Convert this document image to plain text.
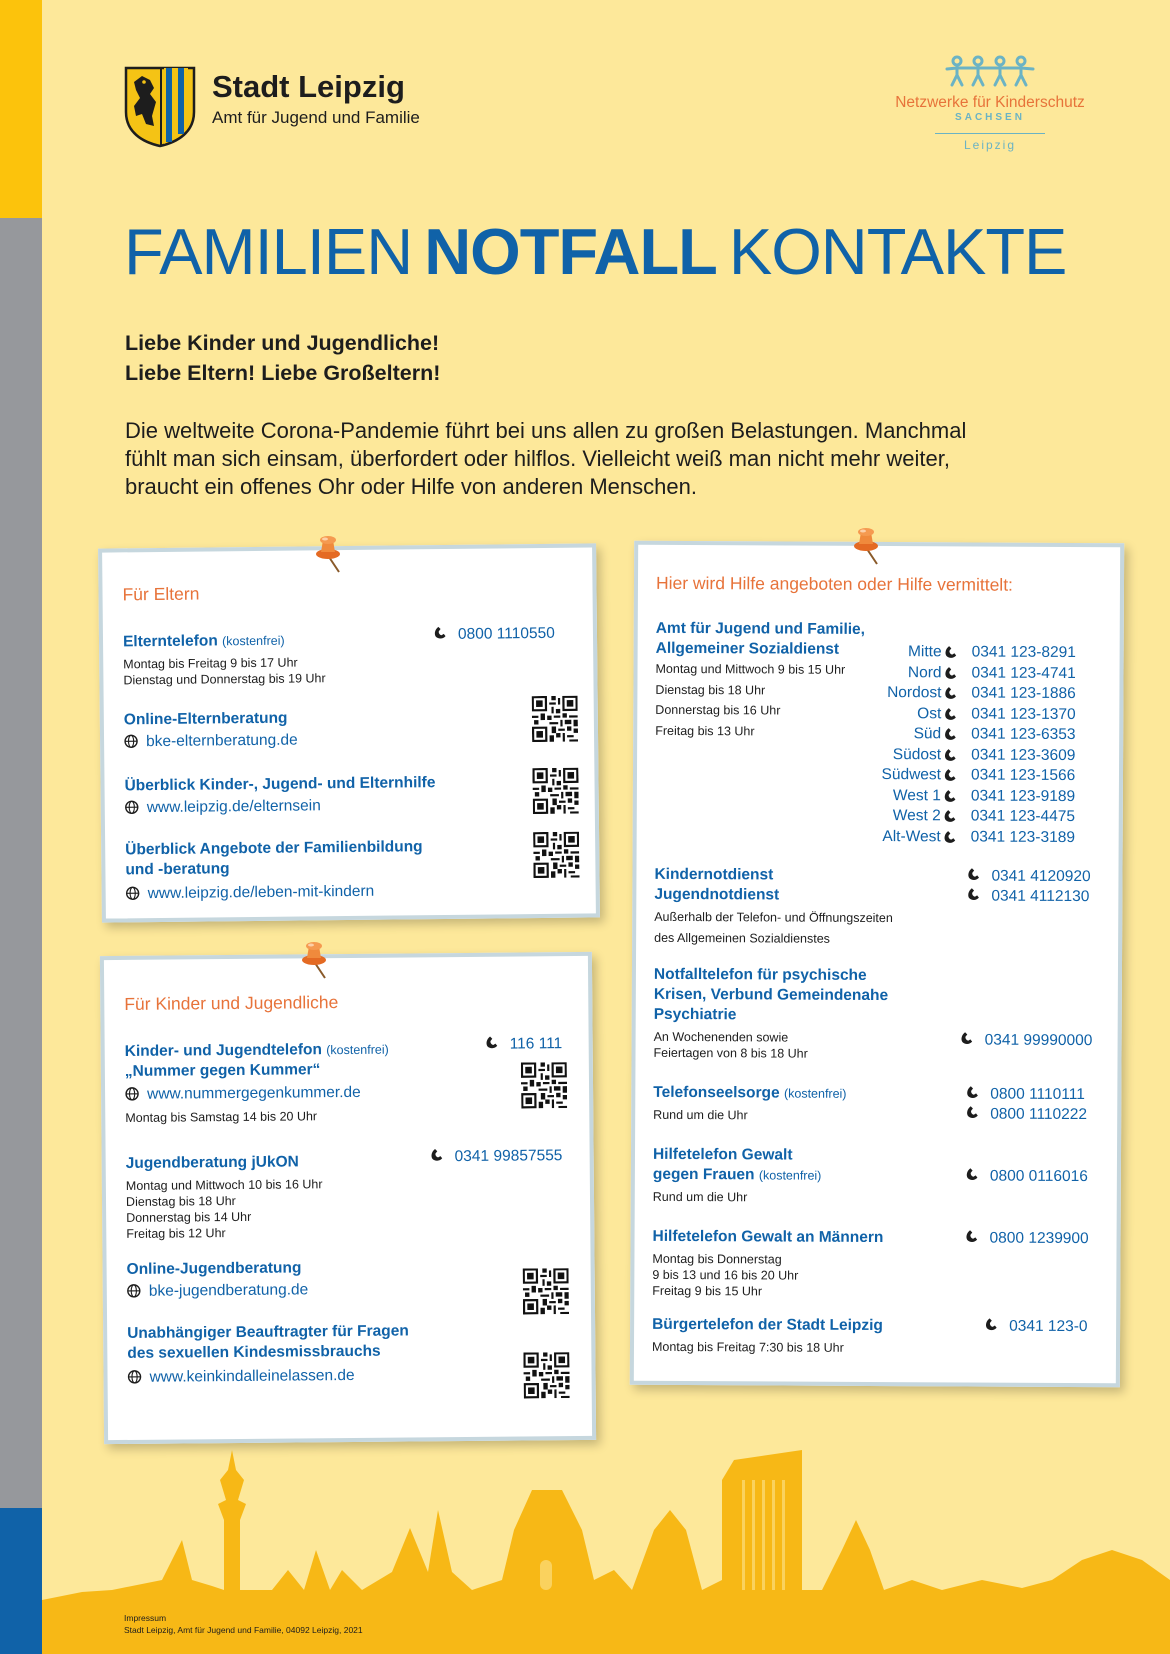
Stadt Leipzig
Amt für Jugend und Familie
Netzwerke für Kinderschutz
SACHSEN
Leipzig
FAMILIEN NOTFALL KONTAKTE
Liebe Kinder und Jugendliche!
Liebe Eltern! Liebe Großeltern!
Die weltweite Corona-Pandemie führt bei uns allen zu großen Belastungen. Manchmal
fühlt man sich einsam, überfordert oder hilflos. Vielleicht weiß man nicht mehr weiter,
braucht ein offenes Ohr oder Hilfe von anderen Menschen.
Für Eltern
Elterntelefon (kostenfrei)	0800 1110550
Montag bis Freitag 9 bis 17 Uhr
Dienstag und Donnerstag bis 19 Uhr
Online-Elternberatung
bke-elternberatung.de
Überblick Kinder-, Jugend- und Elternhilfe
www.leipzig.de/elternsein
Überblick Angebote der Familienbildung
und -beratung
www.leipzig.de/leben-mit-kindern
Für Kinder und Jugendliche
Kinder- und Jugendtelefon (kostenfrei)
„Nummer gegen Kummer“
116 111
www.nummergegenkummer.de
Montag bis Samstag 14 bis 20 Uhr
Jugendberatung jUkON	0341 99857555
Montag und Mittwoch 10 bis 16 Uhr
Dienstag bis 18 Uhr
Donnerstag bis 14 Uhr
Freitag bis 12 Uhr
Online-Jugendberatung
bke-jugendberatung.de
Unabhängiger Beauftragter für Fragen
des sexuellen Kindesmissbrauchs
www.keinkindalleinelassen.de
Hier wird Hilfe angeboten oder Hilfe vermittelt:
Amt für Jugend und Familie,
Allgemeiner Sozialdienst
Montag und Mittwoch 9 bis 15 Uhr
Dienstag bis 18 Uhr
Donnerstag bis 16 Uhr
Freitag bis 13 Uhr
Mitte 0341 123-8291
Nord 0341 123-4741
Nordost 0341 123-1886
Ost 0341 123-1370
Süd 0341 123-6353
Südost 0341 123-3609
Südwest 0341 123-1566
West 1 0341 123-9189
West 2 0341 123-4475
Alt-West 0341 123-3189
Kindernotdienst
Jugendnotdienst
0341 4120920
0341 4112130
Außerhalb der Telefon- und Öffnungszeiten
des Allgemeinen Sozialdienstes
Notfalltelefon für psychische
Krisen, Verbund Gemeindenahe
Psychiatrie
An Wochenenden sowie
Feiertagen von 8 bis 18 Uhr
0341 99990000
Telefonseelsorge (kostenfrei)
Rund um die Uhr
0800 1110111
0800 1110222
Hilfetelefon Gewalt
gegen Frauen (kostenfrei)
Rund um die Uhr
0800 0116016
Hilfetelefon Gewalt an Männern
Montag bis Donnerstag
9 bis 13 und 16 bis 20 Uhr
Freitag 9 bis 15 Uhr
0800 1239900
Bürgertelefon der Stadt Leipzig
Montag bis Freitag 7:30 bis 18 Uhr
0341 123-0
Impressum
Stadt Leipzig, Amt für Jugend und Familie, 04092 Leipzig, 2021
